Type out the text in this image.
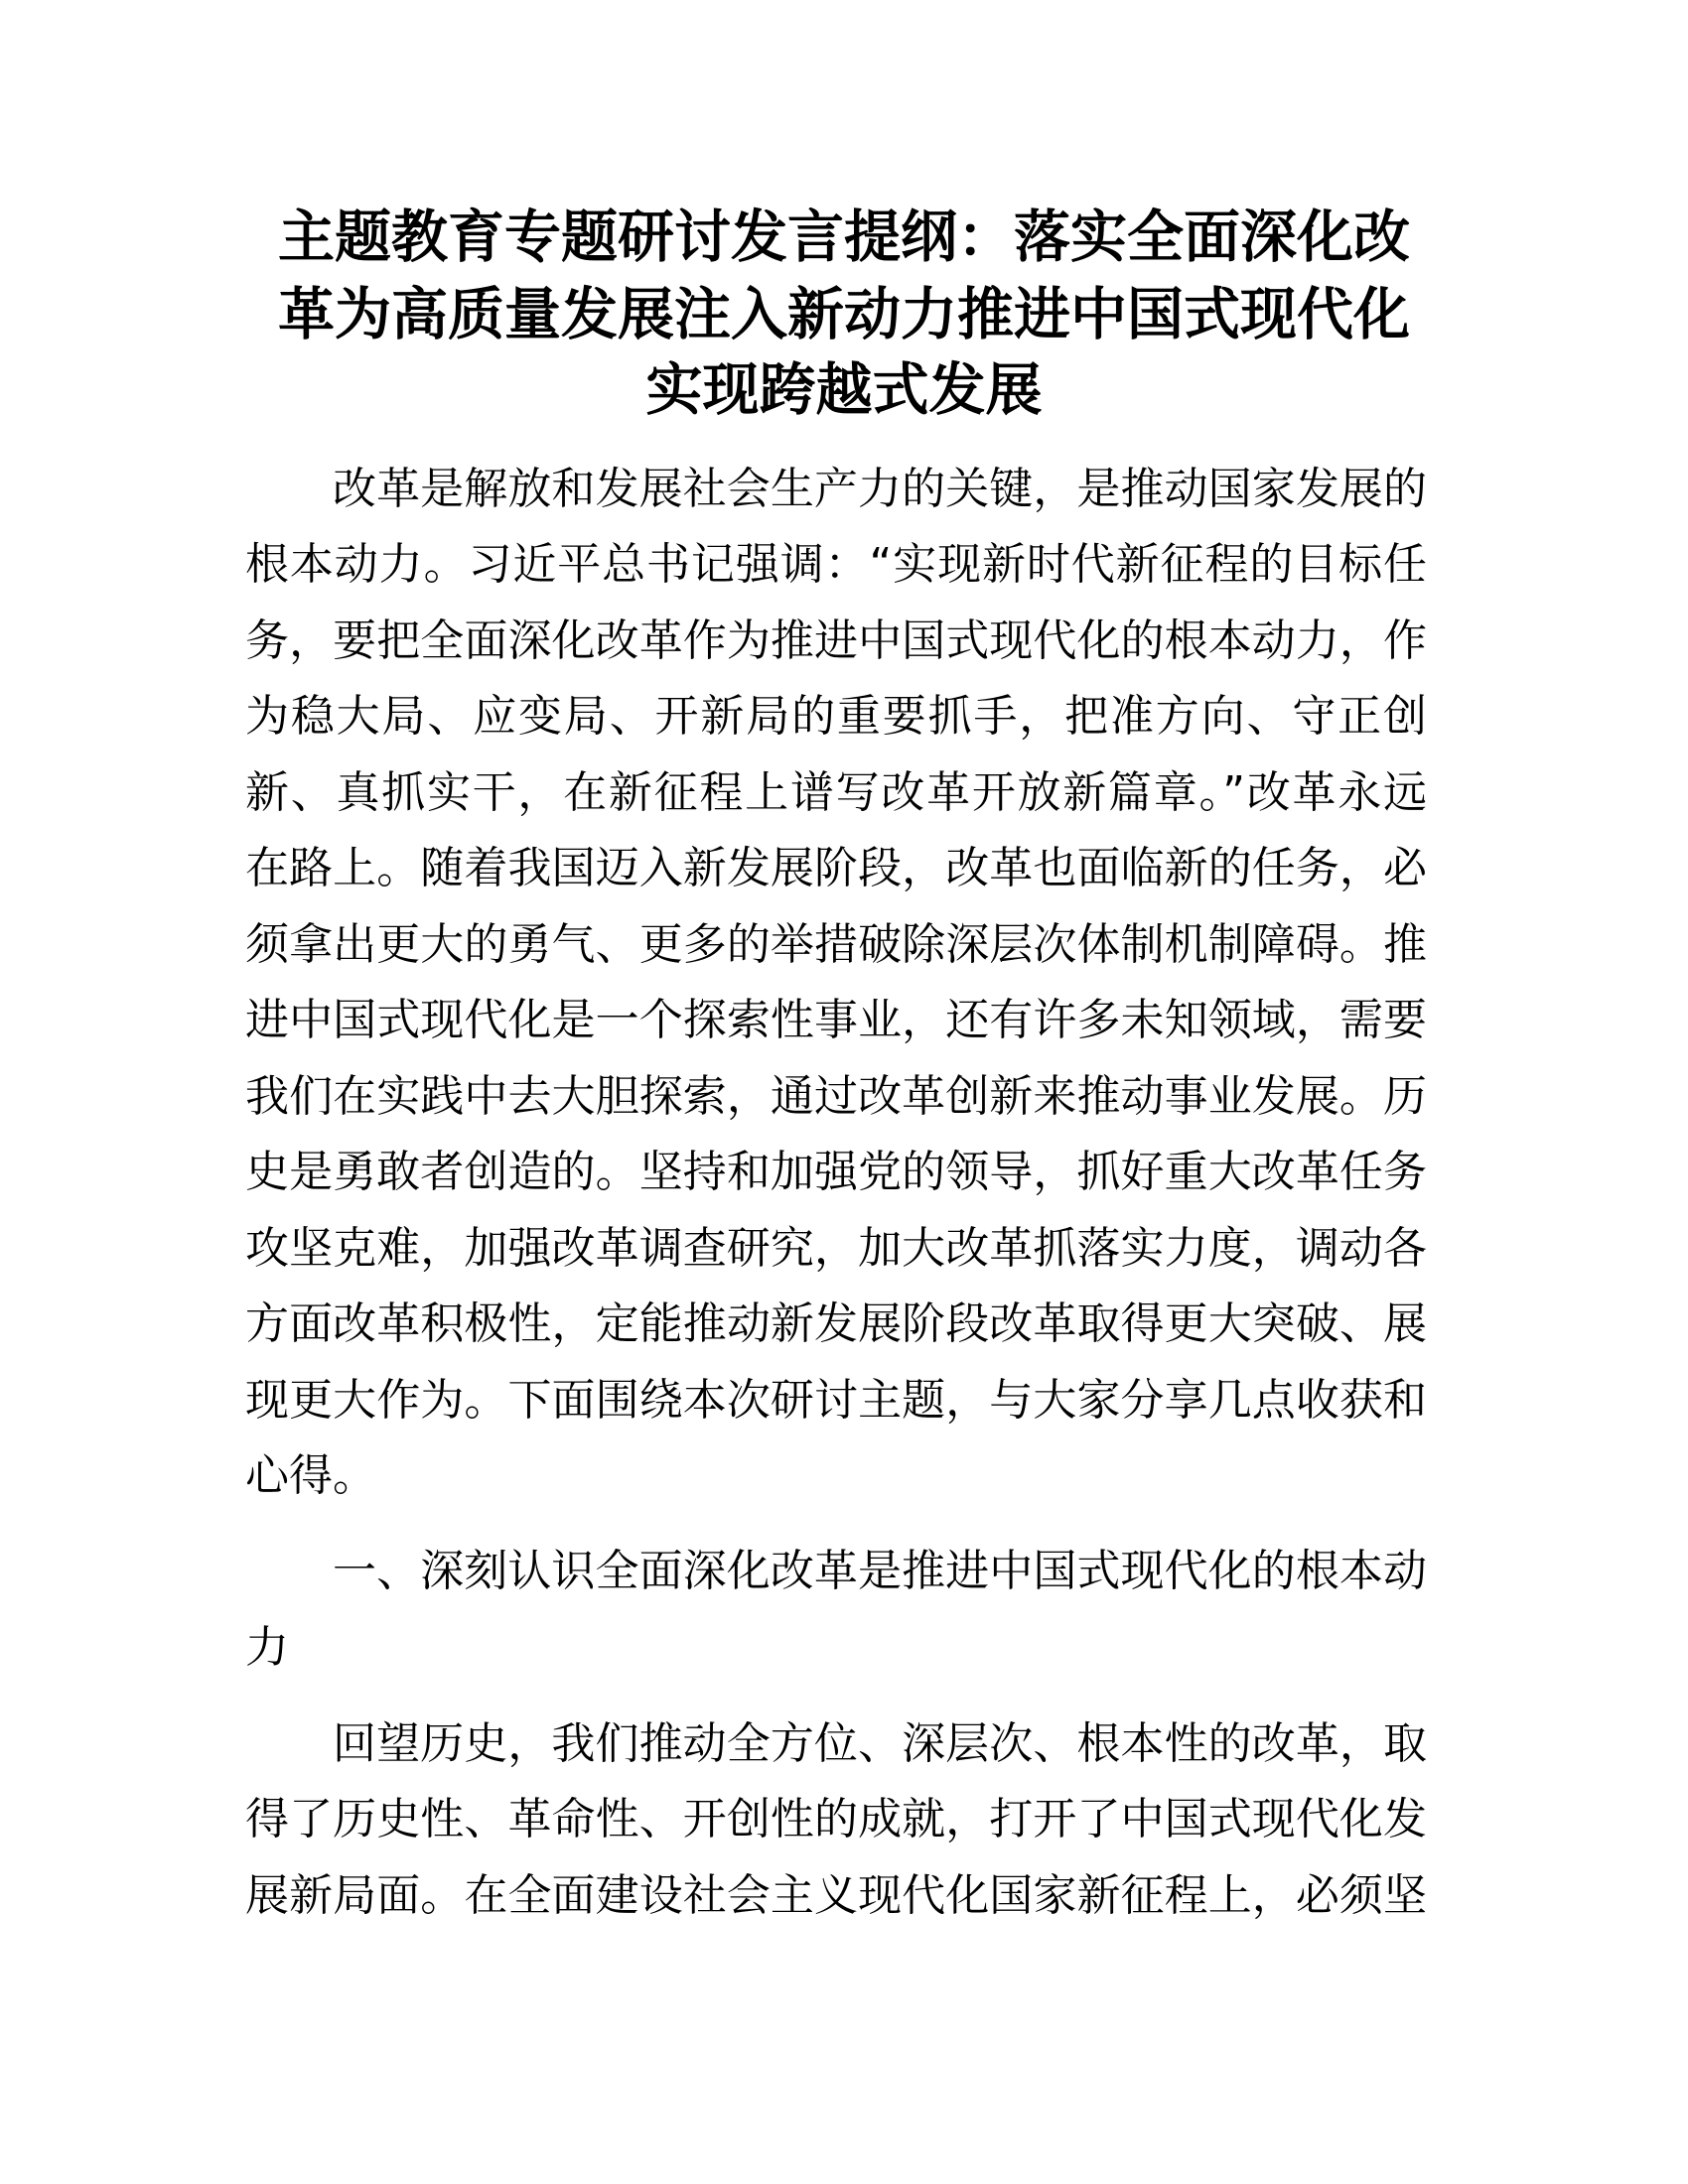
主题教育专题研讨发言提纲：落实全面深化改
革为高质量发展注入新动力推进中国式现代化
实现跨越式发展
改革是解放和发展社会生产力的关键，是推动国家发展的
根本动力。习近平总书记强调：“实现新时代新征程的目标任
务，要把全面深化改革作为推进中国式现代化的根本动力，作
为稳大局、应变局、开新局的重要抓手，把准方向、守正创
新、真抓实干，在新征程上谱写改革开放新篇章。”改革永远
在路上。随着我国迈入新发展阶段，改革也面临新的任务，必
须拿出更大的勇气、更多的举措破除深层次体制机制障碍。推
进中国式现代化是一个探索性事业，还有许多未知领域，需要
我们在实践中去大胆探索，通过改革创新来推动事业发展。历
史是勇敢者创造的。坚持和加强党的领导，抓好重大改革任务
攻坚克难，加强改革调查研究，加大改革抓落实力度，调动各
方面改革积极性，定能推动新发展阶段改革取得更大突破、展
现更大作为。下面围绕本次研讨主题，与大家分享几点收获和
心得。
一、深刻认识全面深化改革是推进中国式现代化的根本动
力
回望历史，我们推动全方位、深层次、根本性的改革，取
得了历史性、革命性、开创性的成就，打开了中国式现代化发
展新局面。在全面建设社会主义现代化国家新征程上，必须坚
